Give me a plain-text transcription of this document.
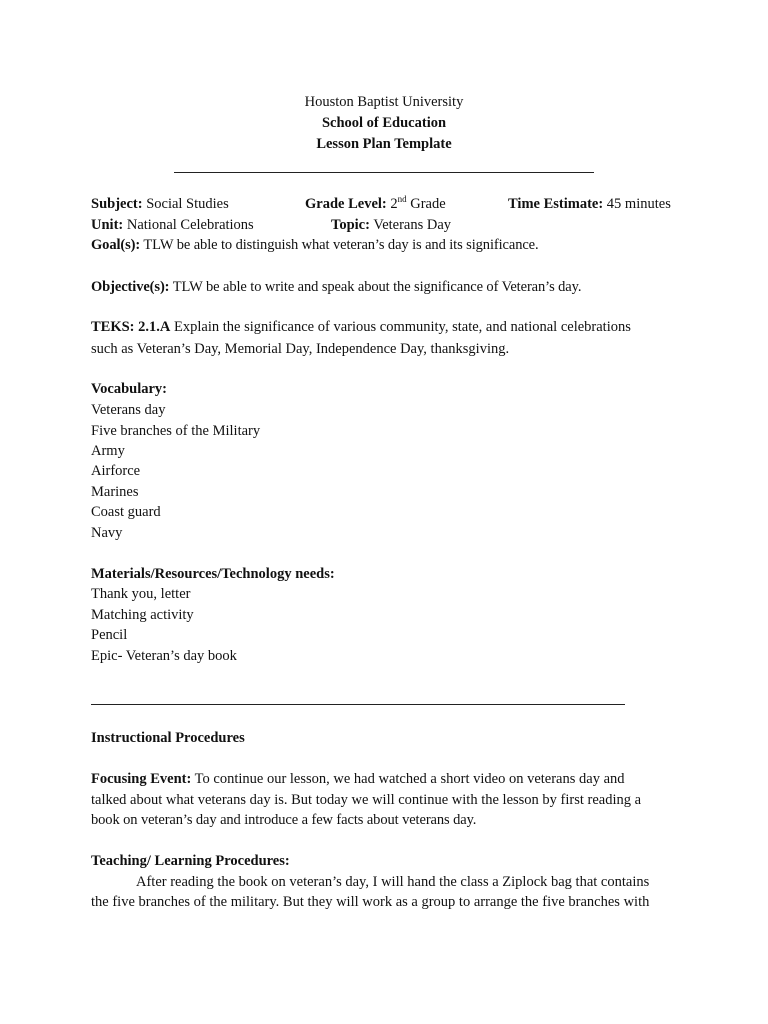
Houston Baptist University
School of Education
Lesson Plan Template
Subject: Social Studies	Grade Level: 2nd Grade	Time Estimate: 45 minutes
Unit: National Celebrations	Topic: Veterans Day
Goal(s): TLW be able to distinguish what veteran’s day is and its significance.
Objective(s): TLW be able to write and speak about the significance of Veteran’s day.
TEKS: 2.1.A Explain the significance of various community, state, and national celebrations
such as Veteran’s Day, Memorial Day, Independence Day, thanksgiving.
Vocabulary:
Veterans day
Five branches of the Military
Army
Airforce
Marines
Coast guard
Navy
Materials/Resources/Technology needs:
Thank you, letter
Matching activity
Pencil
Epic- Veteran’s day book
Instructional Procedures
Focusing Event: To continue our lesson, we had watched a short video on veterans day and
talked about what veterans day is. But today we will continue with the lesson by first reading a
book on veteran’s day and introduce a few facts about veterans day.
Teaching/ Learning Procedures:
After reading the book on veteran’s day, I will hand the class a Ziplock bag that contains
the five branches of the military. But they will work as a group to arrange the five branches with
